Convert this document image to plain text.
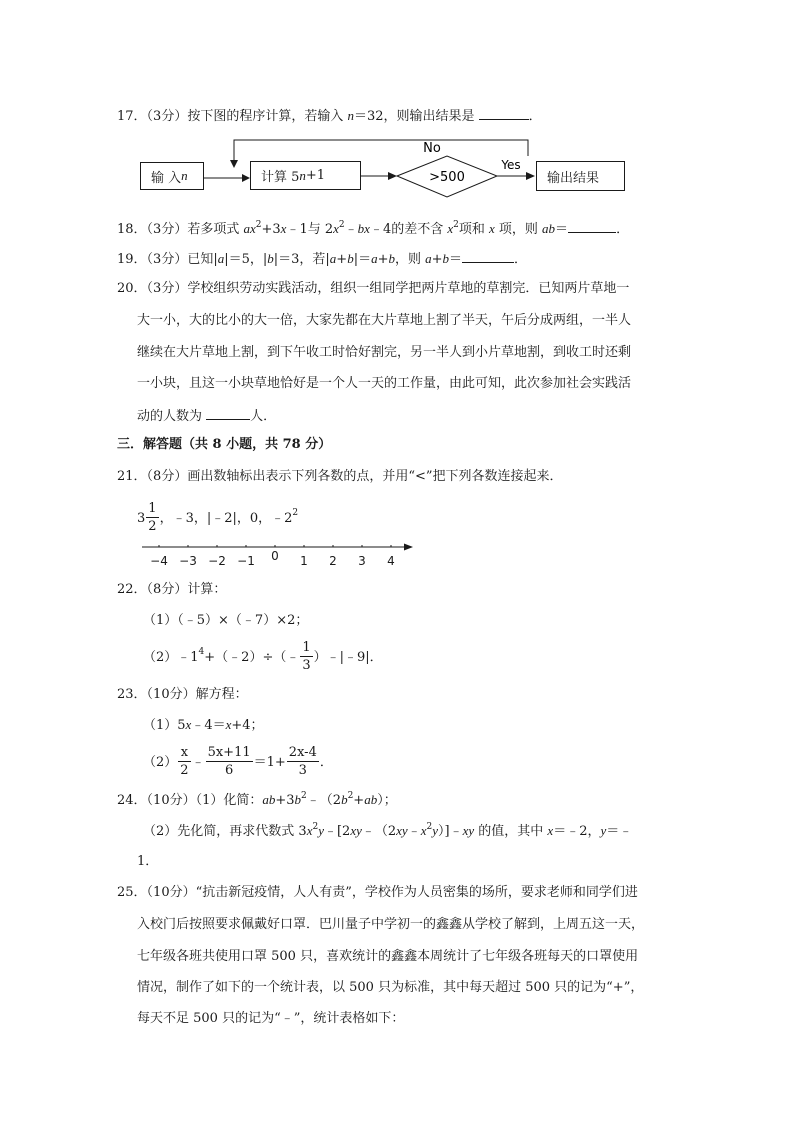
17．（3分）按下图的程序计算，若输入 n＝32，则输出结果是	．
>500
No
Yes
输 入 n	计算 5 n +1	输出结果
18．（3分）若多项式 $ax^2+3x﹣1$与 $2x^2﹣bx﹣4$的差不含 $x^2$项和 x 项，则 ab＝	．
19．（3分）已知|a|＝5，|b|＝3，若|a+b|＝a+b，则 a+b＝	．
20．（3分）学校组织劳动实践活动，组织一组同学把两片草地的草割完．已知两片草地一
大一小，大的比小的大一倍，大家先都在大片草地上割了半天，午后分成两组，一半人
继续在大片草地上割，到下午收工时恰好割完，另一半人到小片草地割，到收工时还剩
一小块，且这一小块草地恰好是一个人一天的工作量，由此可知，此次参加社会实践活
动的人数为	人．
三．解答题（共 8 小题，共 78 分）
21．（8分）画出数轴标出表示下列各数的点，并用“<”把下列各数连接起来．
$3 \frac{1}{2}$ ，﹣3，|﹣2|，0，$﹣2^2$
−4 −3 −2 −1 0 1 2 3 4
22．（8分）计算：
（1）（﹣5）×（﹣7）×2；
$(2)﹣1^4+(﹣2)\div(﹣ \frac{1}{3}$ ）﹣|﹣9|．
23．（10分）解方程：
（1）5x﹣4＝x+4；
$(2) \frac{x}{2}$ ﹣ $\frac{5x+11}{6} =1+ \frac{2x-4}{3}$ ．
24．（10分）（1）化简：$ab+3b^2﹣(2b^2+ab)$；
（2）先化简，再求代数式 $3x^2y﹣[2xy﹣(2xy﹣x^2y)]﹣xy$ 的值，其中 x＝﹣2，y＝﹣
1．
25．（10分）“抗击新冠疫情，人人有责”，学校作为人员密集的场所，要求老师和同学们进
入校门后按照要求佩戴好口罩．巴川量子中学初一的鑫鑫从学校了解到，上周五这一天，
七年级各班共使用口罩 500 只，喜欢统计的鑫鑫本周统计了七年级各班每天的口罩使用
情况，制作了如下的一个统计表，以 500 只为标准，其中每天超过 500 只的记为“+”，
每天不足 500 只的记为“﹣”，统计表格如下：
